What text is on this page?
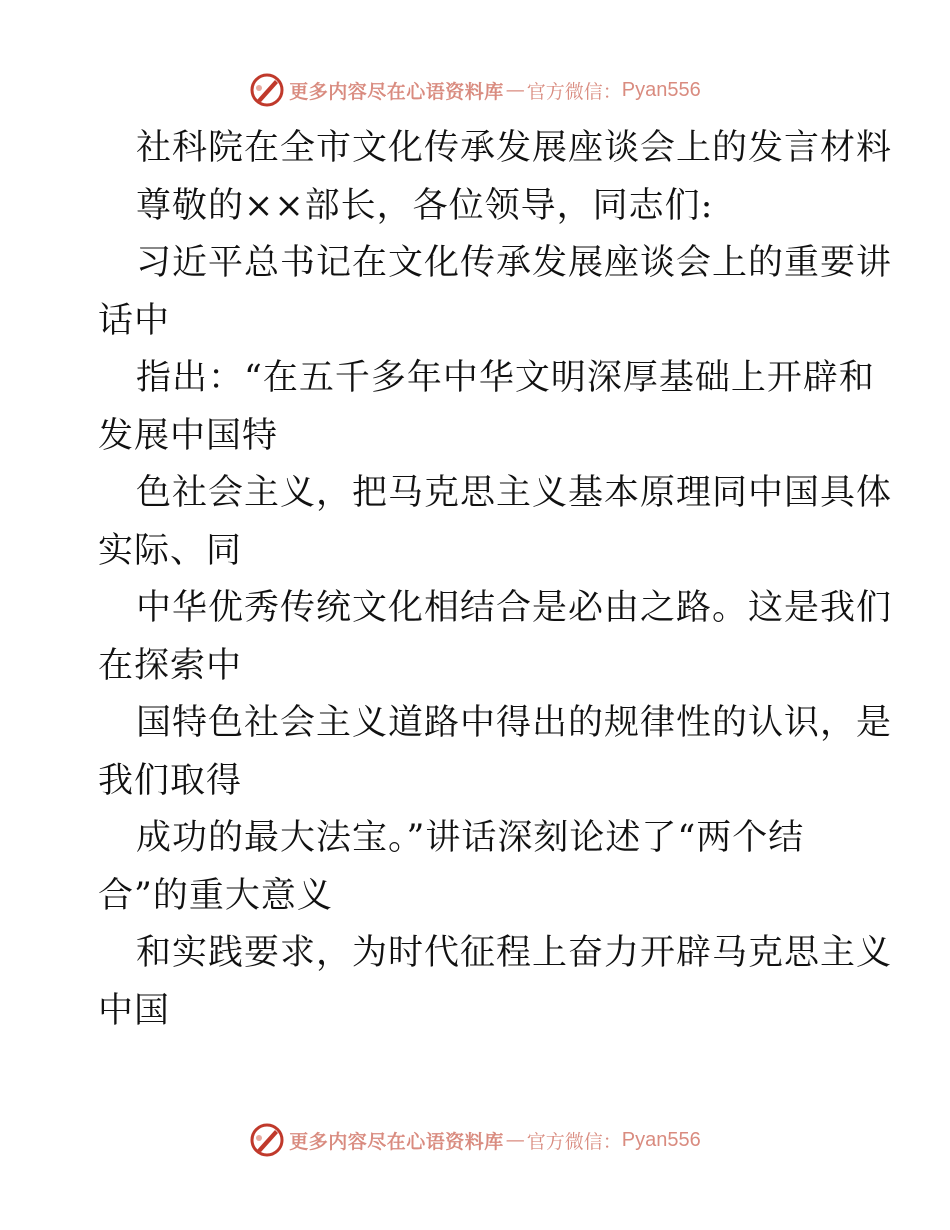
更多内容尽在心语资料库 — 官方微信： Pyan556
社科院在全市文化传承发展座谈会上的发言材料
尊敬的××部长，各位领导，同志们:
习近平总书记在文化传承发展座谈会上的重要讲
话中
指出：“在五千多年中华文明深厚基础上开辟和
发展中国特
色社会主义，把马克思主义基本原理同中国具体
实际、同
中华优秀传统文化相结合是必由之路。这是我们
在探索中
国特色社会主义道路中得出的规律性的认识，是
我们取得
成功的最大法宝。”讲话深刻论述了“两个结
合”的重大意义
和实践要求，为时代征程上奋力开辟马克思主义
中国
更多内容尽在心语资料库 — 官方微信： Pyan556
